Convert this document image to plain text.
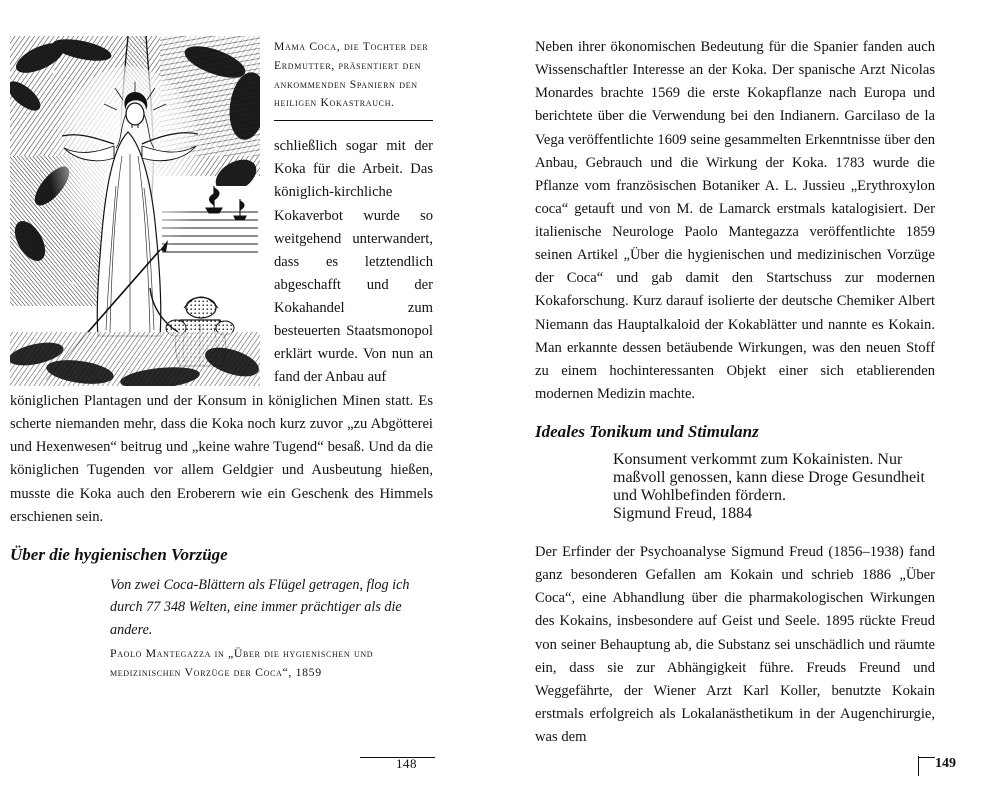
Mama Coca, die Tochter der Erdmutter, präsentiert den ankommenden Spaniern den heiligen Kokastrauch.

schließlich sogar mit der Koka für die Arbeit. Das königlich-kirchliche Kokaverbot wurde so weitgehend unterwandert, dass es letztendlich abgeschafft und der Kokahandel zum besteuerten Staatsmonopol erklärt wurde. Von nun an fand der Anbau auf

königlichen Plantagen und der Konsum in königlichen Minen statt. Es scherte niemanden mehr, dass die Koka noch kurz zuvor „zu Abgötterei und Hexenwesen“ beitrug und „keine wahre Tugend“ besaß. Und da die königlichen Tugenden vor allem Geldgier und Ausbeutung hießen, musste die Koka auch den Eroberern wie ein Geschenk des Himmels erschienen sein.

Über die hygienischen Vorzüge
Von zwei Coca-Blättern als Flügel getragen, flog ich durch 77 348 Welten, eine immer prächtiger als die andere.
Paolo Mantegazza in „Über die hygienischen und medizinischen Vorzüge der Coca“, 1859
148

Neben ihrer ökonomischen Bedeutung für die Spanier fanden auch Wissenschaftler Interesse an der Koka. Der spanische Arzt Nicolas Monardes brachte 1569 die erste Kokapflanze nach Europa und berichtete über die Verwendung bei den Indianern. Garcilaso de la Vega veröffentlichte 1609 seine gesammelten Erkenntnisse über den Anbau, Gebrauch und die Wirkung der Koka. 1783 wurde die Pflanze vom französischen Botaniker A. L. Jussieu „Erythroxylon coca“ getauft und von M. de Lamarck erstmals katalogisiert. Der italienische Neurologe Paolo Mantegazza veröffentlichte 1859 seinen Artikel „Über die hygienischen und medizinischen Vorzüge der Coca“ und gab damit den Startschuss zur modernen Kokaforschung. Kurz darauf isolierte der deutsche Chemiker Albert Niemann das Hauptalkaloid der Kokablätter und nannte es Kokain. Man erkannte dessen betäubende Wirkungen, was den neuen Stoff zu einem hochinteressanten Objekt einer sich etablierenden modernen Medizin machte.

Ideales Tonikum und Stimulanz
Konsument verkommt zum Kokainisten. Nur maßvoll genossen, kann diese Droge Gesundheit und Wohlbefinden fördern.
Sigmund Freud, 1884

Der Erfinder der Psychoanalyse Sigmund Freud (1856–1938) fand ganz besonderen Gefallen am Kokain und schrieb 1886 „Über Coca“, eine Abhandlung über die pharmakologischen Wirkungen des Kokains, insbesondere auf Geist und Seele. 1895 rückte Freud von seiner Behauptung ab, die Substanz sei unschädlich und räumte ein, dass sie zur Abhängigkeit führe. Freuds Freund und Weggefährte, der Wiener Arzt Karl Koller, benutzte Kokain erstmals erfolgreich als Lokalanästhetikum in der Augenchirurgie, was dem

149
